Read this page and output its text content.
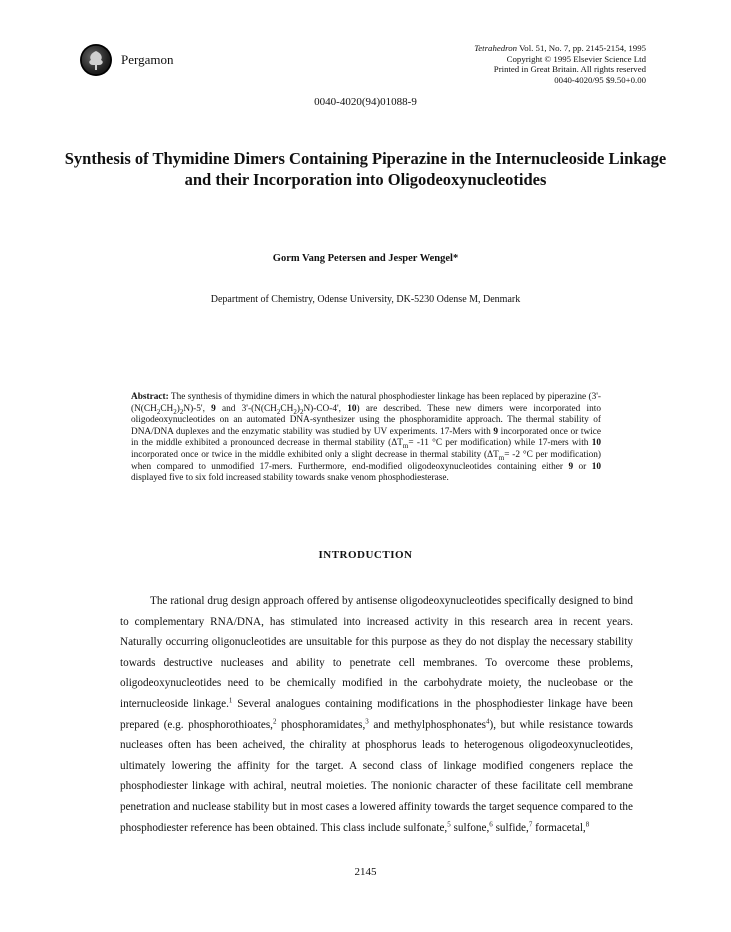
Pergamon
Tetrahedron Vol. 51, No. 7, pp. 2145-2154, 1995
Copyright © 1995 Elsevier Science Ltd
Printed in Great Britain. All rights reserved
0040-4020/95 $9.50+0.00
0040-4020(94)01088-9
Synthesis of Thymidine Dimers Containing Piperazine in the Internucleoside Linkage and their Incorporation into Oligodeoxynucleotides
Gorm Vang Petersen and Jesper Wengel*
Department of Chemistry, Odense University, DK-5230 Odense M, Denmark

Abstract: The synthesis of thymidine dimers in which the natural phosphodiester linkage has been replaced by piperazine ($3'-(N(CH_2CH_2)_2N)-5'$, 9 and $3'-(N(CH_2CH_2)_2N)-CO-4'$, 10) are described. These new dimers were incorporated into oligodeoxynucleotides on an automated DNA-synthesizer using the phosphoramidite approach. The thermal stability of DNA/DNA duplexes and the enzymatic stability was studied by UV experiments. 17-Mers with 9 incorporated once or twice in the middle exhibited a pronounced decrease in thermal stability ($\Delta T_m= -11$ °C per modification) while 17-mers with 10 incorporated once or twice in the middle exhibited only a slight decrease in thermal stability ($\Delta T_m= -2$ °C per modification) when compared to unmodified 17-mers. Furthermore, end-modified oligodeoxynucleotides containing either 9 or 10 displayed five to six fold increased stability towards snake venom phosphodiesterase.

INTRODUCTION

The rational drug design approach offered by antisense oligodeoxynucleotides specifically designed to bind to complementary RNA/DNA, has stimulated into increased activity in this research area in recent years. Naturally occurring oligonucleotides are unsuitable for this purpose as they do not display the necessary stability towards destructive nucleases and ability to penetrate cell membranes. To overcome these problems, oligodeoxynucleotides need to be chemically modified in the carbohydrate moiety, the nucleobase or the internucleoside linkage.$^1$ Several analogues containing modifications in the phosphodiester linkage have been prepared (e.g. phosphorothioates,$^2$ phosphoramidates,$^3$ and methylphosphonates$^4$), but while resistance towards nucleases often has been acheived, the chirality at phosphorus leads to heterogenous oligodeoxynucleotides, ultimately lowering the affinity for the target. A second class of linkage modified congeners replace the phosphodiester linkage with achiral, neutral moieties. The nonionic character of these facilitate cell membrane penetration and nuclease stability but in most cases a lowered affinity towards the target sequence compared to the phosphodiester reference has been obtained. This class include sulfonate,$^5$ sulfone,$^6$ sulfide,$^7$ formacetal,$^8$

2145
